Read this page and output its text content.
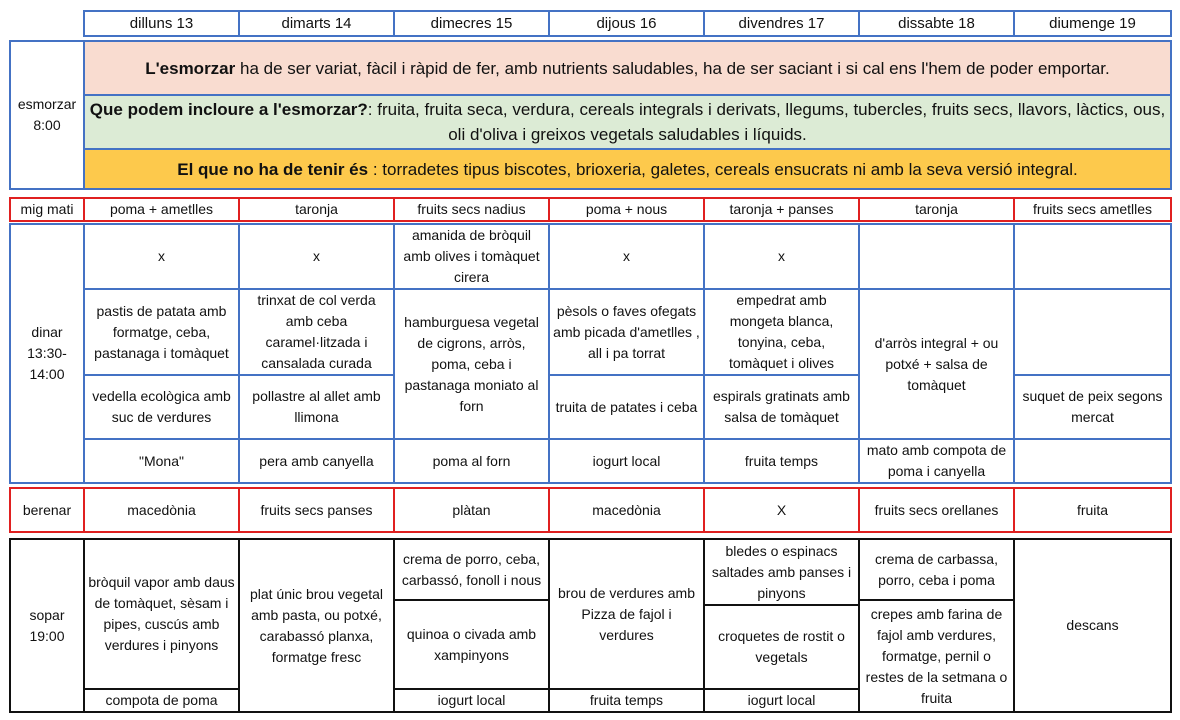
dilluns 13	dimarts 14	dimecres 15	dijous 16	divendres 17	dissabte 18	diumenge 19
esmorzar
8:00	L'esmorzar ha de ser variat, fàcil i ràpid de fer, amb nutrients saludables, ha de ser saciant i si cal ens l'hem de poder emportar.
Que podem incloure a l'esmorzar?: fruita, fruita seca, verdura, cereals integrals i derivats, llegums, tubercles, fruits secs, llavors, làctics, ous, oli d'oliva i greixos vegetals saludables i líquids.
El que no ha de tenir és : torradetes tipus biscotes, brioxeria, galetes, cereals ensucrats ni amb la seva versió integral.
mig mati	poma + ametlles	taronja	fruits secs nadius	poma + nous	taronja + panses	taronja	fruits secs ametlles
dinar
13:30-
14:00	x	x	amanida de bròquil amb olives i tomàquet cirera	x	x		
	pastis de patata amb formatge, ceba, pastanaga i tomàquet	trinxat de col verda amb ceba caramel·litzada i cansalada curada	hamburguesa vegetal de cigrons, arròs, poma, ceba i pastanaga moniato al forn	pèsols o faves ofegats amb picada d'ametlles , all i pa torrat	empedrat amb mongeta blanca, tonyina, ceba, tomàquet i olives	d'arròs integral + ou potxé + salsa de tomàquet	
	vedella ecològica amb suc de verdures	pollastre al allet amb llimona		truita de patates i ceba	espirals gratinats amb salsa de tomàquet		suquet de peix segons mercat
	"Mona"	pera amb canyella	poma al forn	iogurt local	fruita temps	mato amb compota de poma i canyella	
berenar	macedònia	fruits secs panses	plàtan	macedònia	X	fruits secs orellanes	fruita
sopar
19:00	bròquil vapor amb daus de tomàquet, sèsam i pipes, cuscús amb verdures i pinyons	plat únic brou vegetal amb pasta, ou potxé, carabassó planxa, formatge fresc	crema de porro, ceba, carbassó, fonoll i nous	brou de verdures amb Pizza de fajol i verdures	bledes o espinacs saltades amb panses i pinyons	crema de carbassa, porro, ceba i poma	descans
			quinoa o civada amb xampinyons			crepes amb farina de fajol amb verdures, formatge, pernil o restes de la setmana o fruita	
					croquetes de rostit o vegetals		
	compota de poma		iogurt local	fruita temps	iogurt local		
